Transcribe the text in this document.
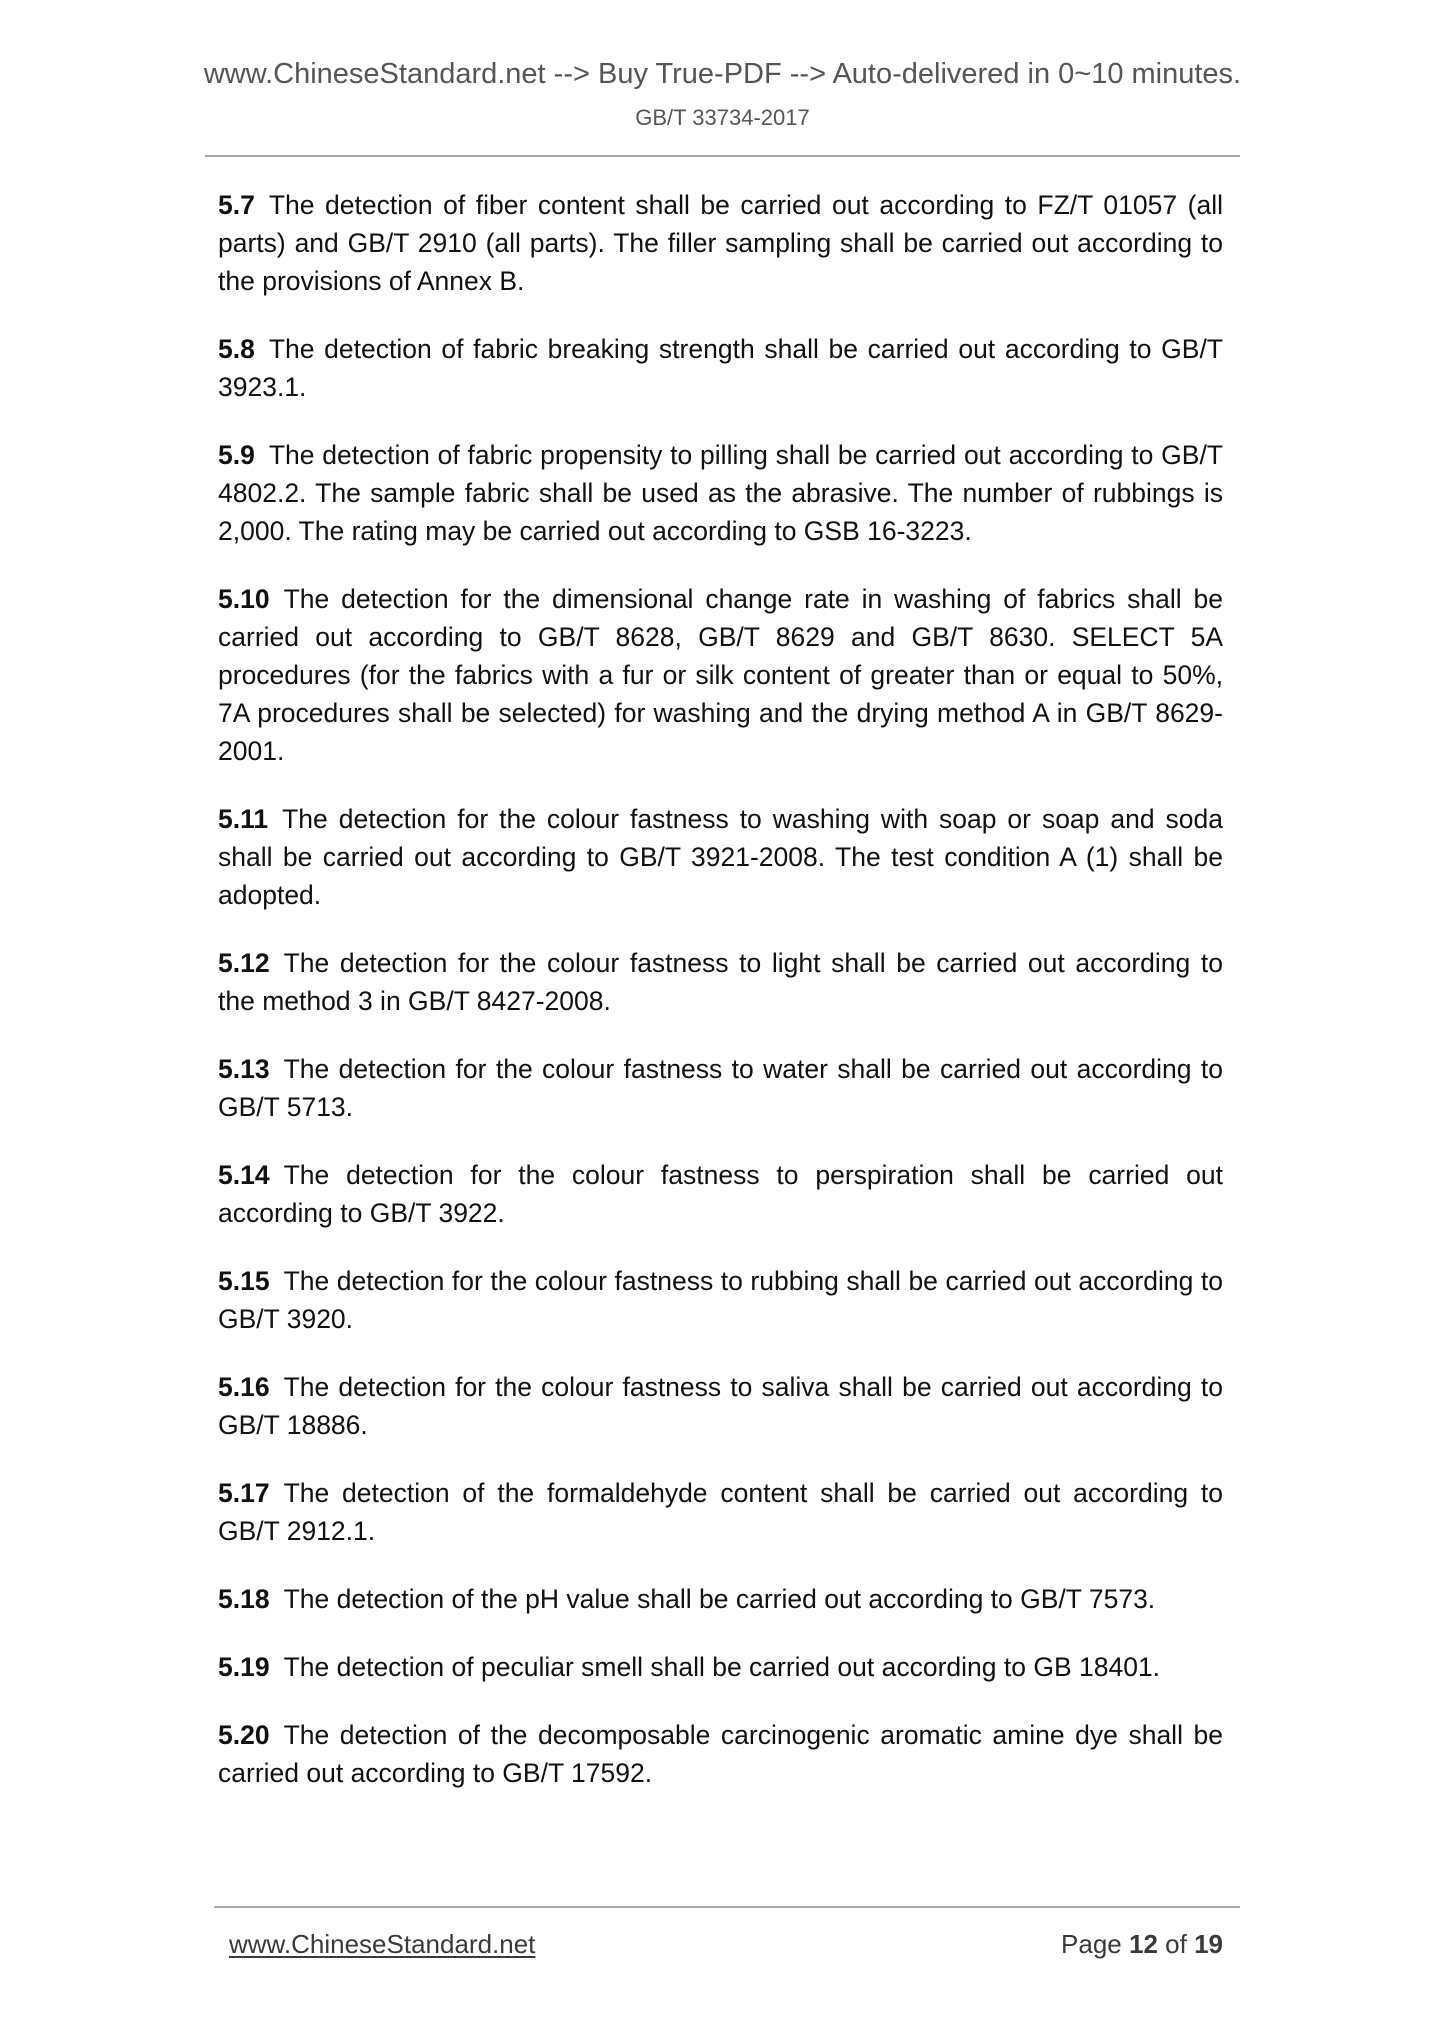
www.ChineseStandard.net --> Buy True-PDF --> Auto-delivered in 0~10 minutes.
GB/T 33734-2017

5.7 The detection of fiber content shall be carried out according to FZ/T 01057 (all parts) and GB/T 2910 (all parts). The filler sampling shall be carried out according to the provisions of Annex B.

5.8 The detection of fabric breaking strength shall be carried out according to GB/T 3923.1.

5.9 The detection of fabric propensity to pilling shall be carried out according to GB/T 4802.2. The sample fabric shall be used as the abrasive. The number of rubbings is 2,000. The rating may be carried out according to GSB 16-3223.

5.10 The detection for the dimensional change rate in washing of fabrics shall be carried out according to GB/T 8628, GB/T 8629 and GB/T 8630. SELECT 5A procedures (for the fabrics with a fur or silk content of greater than or equal to 50%, 7A procedures shall be selected) for washing and the drying method A in GB/T 8629-2001.

5.11 The detection for the colour fastness to washing with soap or soap and soda shall be carried out according to GB/T 3921-2008. The test condition A (1) shall be adopted.

5.12 The detection for the colour fastness to light shall be carried out according to the method 3 in GB/T 8427-2008.

5.13 The detection for the colour fastness to water shall be carried out according to GB/T 5713.

5.14 The detection for the colour fastness to perspiration shall be carried out according to GB/T 3922.

5.15 The detection for the colour fastness to rubbing shall be carried out according to GB/T 3920.

5.16 The detection for the colour fastness to saliva shall be carried out according to GB/T 18886.

5.17 The detection of the formaldehyde content shall be carried out according to GB/T 2912.1.

5.18 The detection of the pH value shall be carried out according to GB/T 7573.

5.19 The detection of peculiar smell shall be carried out according to GB 18401.

5.20 The detection of the decomposable carcinogenic aromatic amine dye shall be carried out according to GB/T 17592.

www.ChineseStandard.net	Page 12 of 19
